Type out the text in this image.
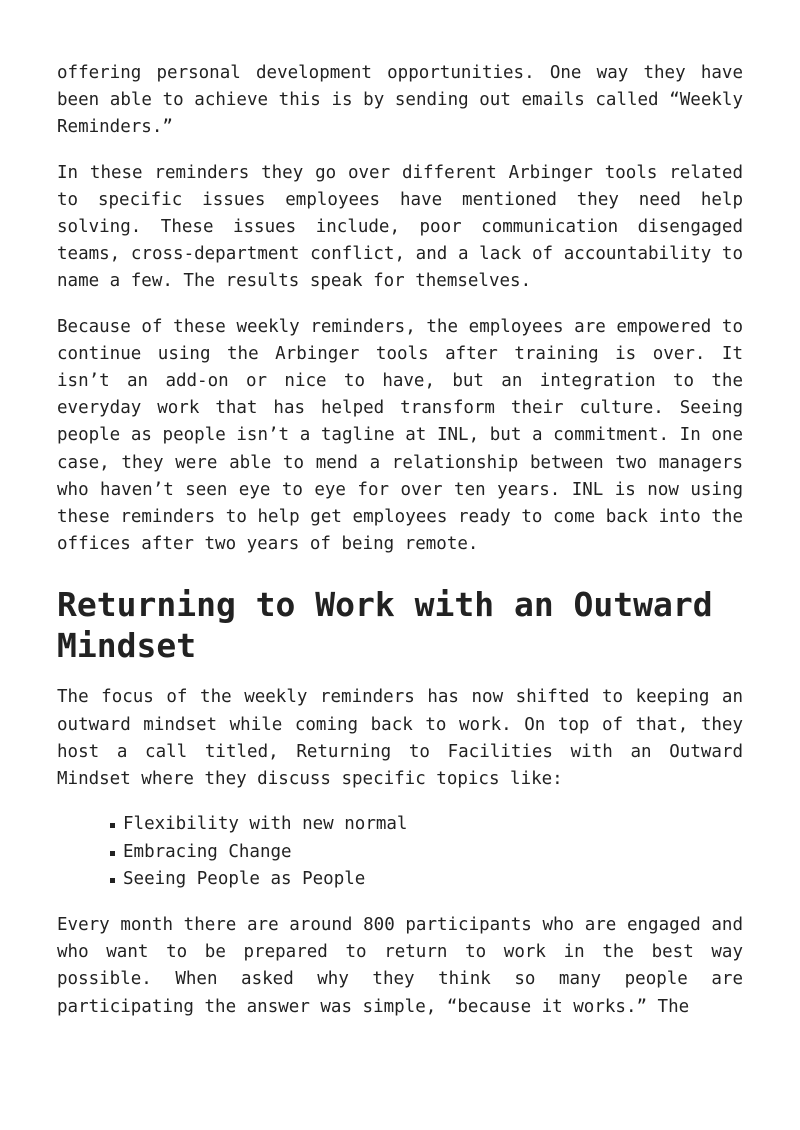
offering personal development opportunities. One way they have been able to achieve this is by sending out emails called “Weekly Reminders.”

In these reminders they go over different Arbinger tools related to specific issues employees have mentioned they need help solving. These issues include, poor communication disengaged teams, cross-department conflict, and a lack of accountability to name a few. The results speak for themselves.

Because of these weekly reminders, the employees are empowered to continue using the Arbinger tools after training is over. It isn’t an add-on or nice to have, but an integration to the everyday work that has helped transform their culture. Seeing people as people isn’t a tagline at INL, but a commitment. In one case, they were able to mend a relationship between two managers who haven’t seen eye to eye for over ten years. INL is now using these reminders to help get employees ready to come back into the offices after two years of being remote.

Returning to Work with an Outward Mindset

The focus of the weekly reminders has now shifted to keeping an outward mindset while coming back to work. On top of that, they host a call titled, Returning to Facilities with an Outward Mindset where they discuss specific topics like:

Flexibility with new normal
Embracing Change
Seeing People as People

Every month there are around 800 participants who are engaged and who want to be prepared to return to work in the best way possible. When asked why they think so many people are participating the answer was simple, “because it works.” The
